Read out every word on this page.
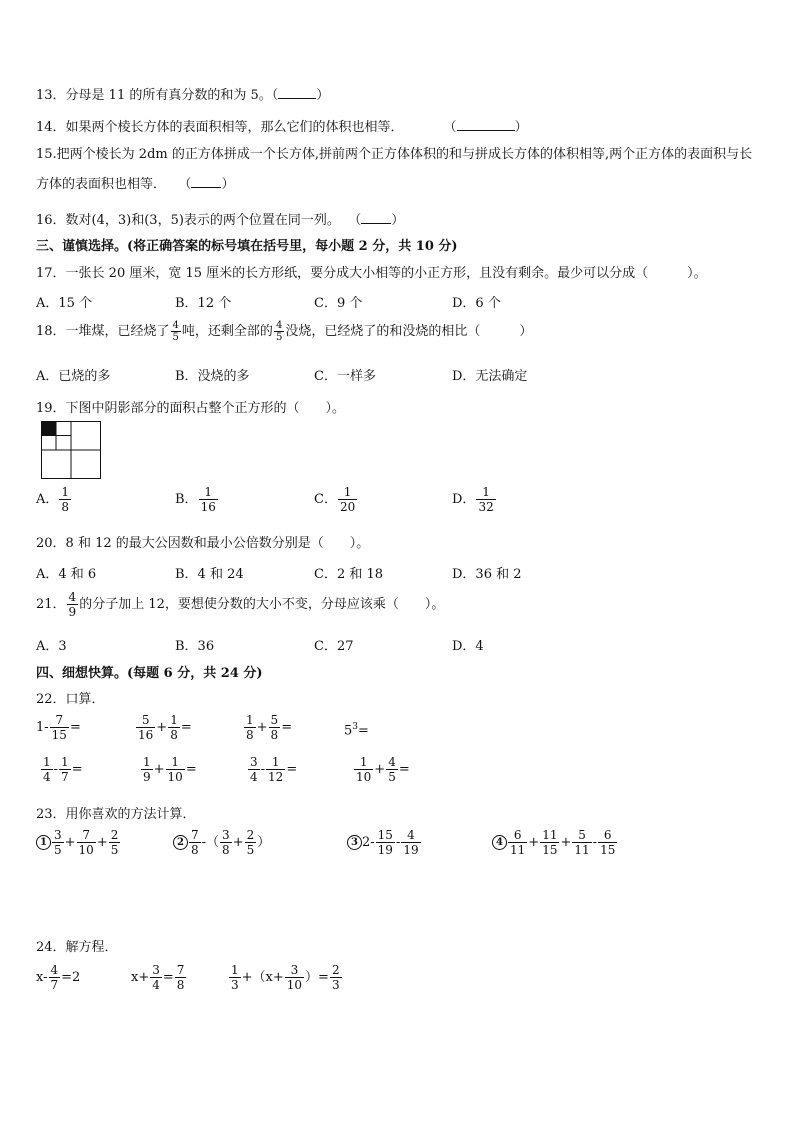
13．分母是 11 的所有真分数的和为 5。（	）
14．如果两个棱长方体的表面积相等，那么它们的体积也相等．	（	）
15.把两个棱长为 2dm 的正方体拼成一个长方体,拼前两个正方体体积的和与拼成长方体的体积相等,两个正方体的表面积与长方体的表面积也相等． （ ）
16．数对(4，3)和(3，5)表示的两个位置在同一列。 （ ）
三、谨慎选择。(将正确答案的标号填在括号里，每小题 2 分，共 10 分)
17．一张长 20 厘米，宽 15 厘米的长方形纸，要分成大小相等的小正方形，且没有剩余。最少可以分成（　　　）。
A．15 个	B．12 个	C．9 个	D．6 个
18．一堆煤，已经烧了 $\frac{4}{5}$ 吨，还剩全部的 $\frac{4}{5}$ 没烧，已经烧了的和没烧的相比（　　　）
A．已烧的多	B．没烧的多	C．一样多	D．无法确定
19．下图中阴影部分的面积占整个正方形的（　　）。
A． $\frac{1}{8}$	B． $\frac{1}{16}$	C． $\frac{1}{20}$	D． $\frac{1}{32}$
20．8 和 12 的最大公因数和最小公倍数分别是（　　）。
A．4 和 6	B．4 和 24	C．2 和 18	D．36 和 2
21． $\frac{4}{9}$ 的分子加上 12，要想使分数的大小不变，分母应该乘（　　）。
A．3	B．36	C．27	D．4
四、细想快算。(每题 6 分，共 24 分)
22．口算．
$1- \frac{7}{15}$ =	$\frac{5}{16} + \frac{1}{8}$ =	$\frac{1}{8} + \frac{5}{8}$ =	$5^3=$
$\frac{1}{4} - \frac{1}{7}$ =	$\frac{1}{9} + \frac{1}{10}$ =	$\frac{3}{4} - \frac{1}{12}$ =	$\frac{1}{10} + \frac{4}{5}$ =
23．用你喜欢的方法计算．
$1 \frac{3}{5} + \frac{7}{10} + \frac{2}{5}$	$2 \frac{7}{8}$ -（ $\frac{3}{8} + \frac{2}{5}$ ）	3 $2- \frac{15}{19} - \frac{4}{19}$	$4 \frac{6}{11} + \frac{11}{15} + \frac{5}{11} - \frac{6}{15}$
24．解方程．
$x- \frac{4}{7} =2$	$x+ \frac{3}{4} = \frac{7}{8}$	$\frac{1}{3} +(x+ \frac{3}{10}$ ）= $\frac{2}{3}$
